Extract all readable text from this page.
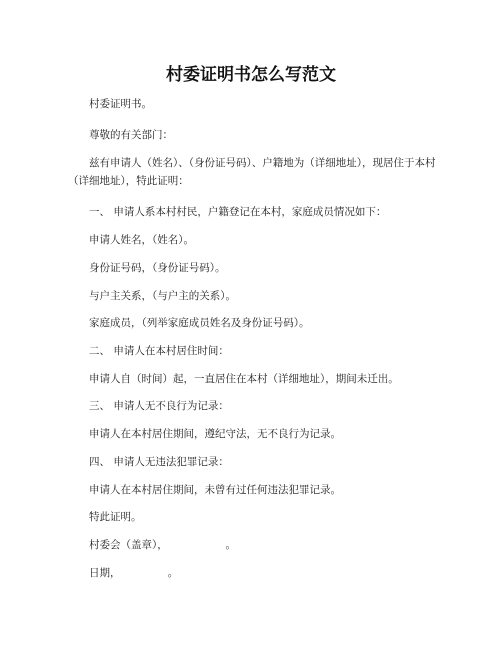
村委证明书怎么写范文

村委证明书。

尊敬的有关部门：

兹有申请人（姓名）、（身份证号码）、户籍地为（详细地址），现居住于本村（详细地址），特此证明：

一、 申请人系本村村民，户籍登记在本村，家庭成员情况如下：

申请人姓名，（姓名）。

身份证号码，（身份证号码）。

与户主关系，（与户主的关系）。

家庭成员，（列举家庭成员姓名及身份证号码）。

二、 申请人在本村居住时间：

申请人自（时间）起，一直居住在本村（详细地址），期间未迁出。

三、 申请人无不良行为记录：

申请人在本村居住期间，遵纪守法，无不良行为记录。

四、 申请人无违法犯罪记录：

申请人在本村居住期间，未曾有过任何违法犯罪记录。

特此证明。

村委会（盖章），　　　　　　。

日期，　　　　　。
